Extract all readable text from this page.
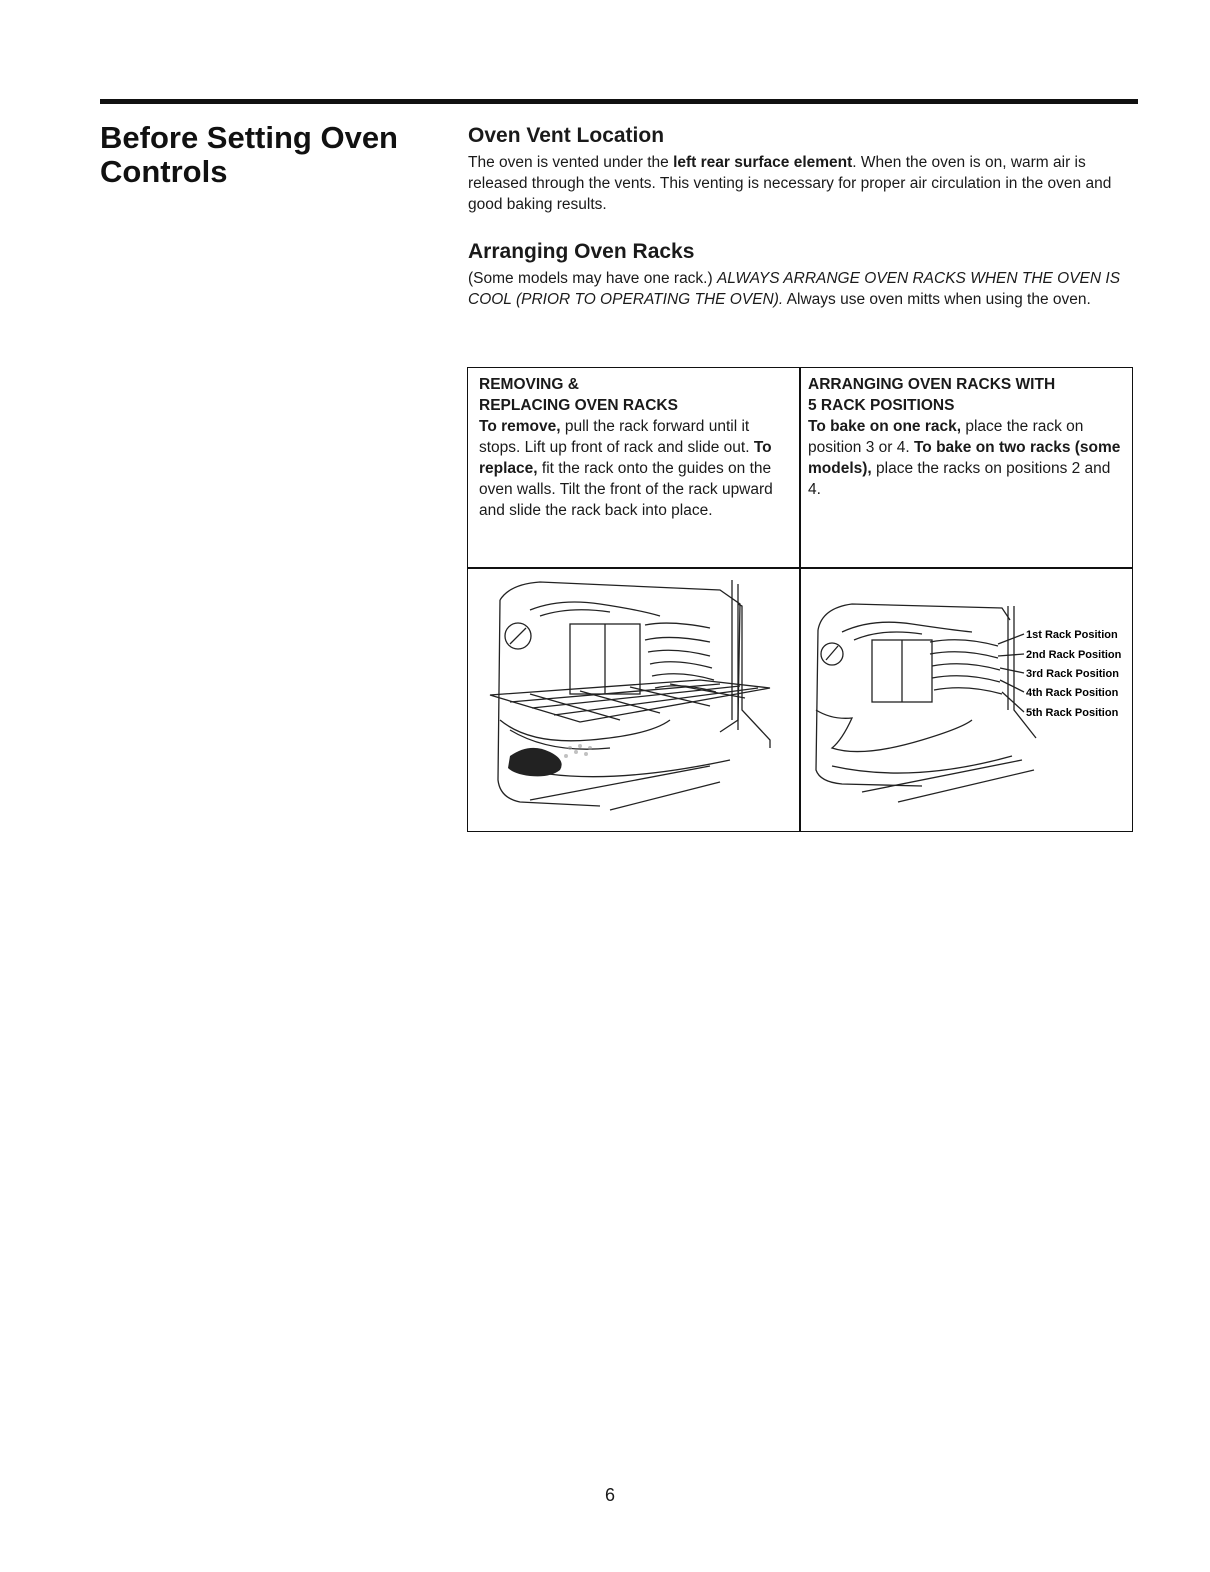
Before Setting Oven Controls
Oven Vent Location

The oven is vented under the left rear surface element. When the oven is on, warm air is released through the vents. This venting is necessary for proper air circulation in the oven and good baking results.

Arranging Oven Racks

(Some models may have one rack.) ALWAYS ARRANGE OVEN RACKS WHEN THE OVEN IS COOL (PRIOR TO OPERATING THE OVEN). Always use oven mitts when using the oven.

REMOVING &
REPLACING OVEN RACKS
To remove, pull the rack forward until it stops. Lift up front of rack and slide out. To replace, fit the rack onto the guides on the oven walls. Tilt the front of the rack upward and slide the rack back into place.
ARRANGING OVEN RACKS WITH
5 RACK POSITIONS
To bake on one rack, place the rack on position 3 or 4. To bake on two racks (some models), place the racks on positions 2 and 4.
1st Rack Position
2nd Rack Position
3rd Rack Position
4th Rack Position
5th Rack Position
6
